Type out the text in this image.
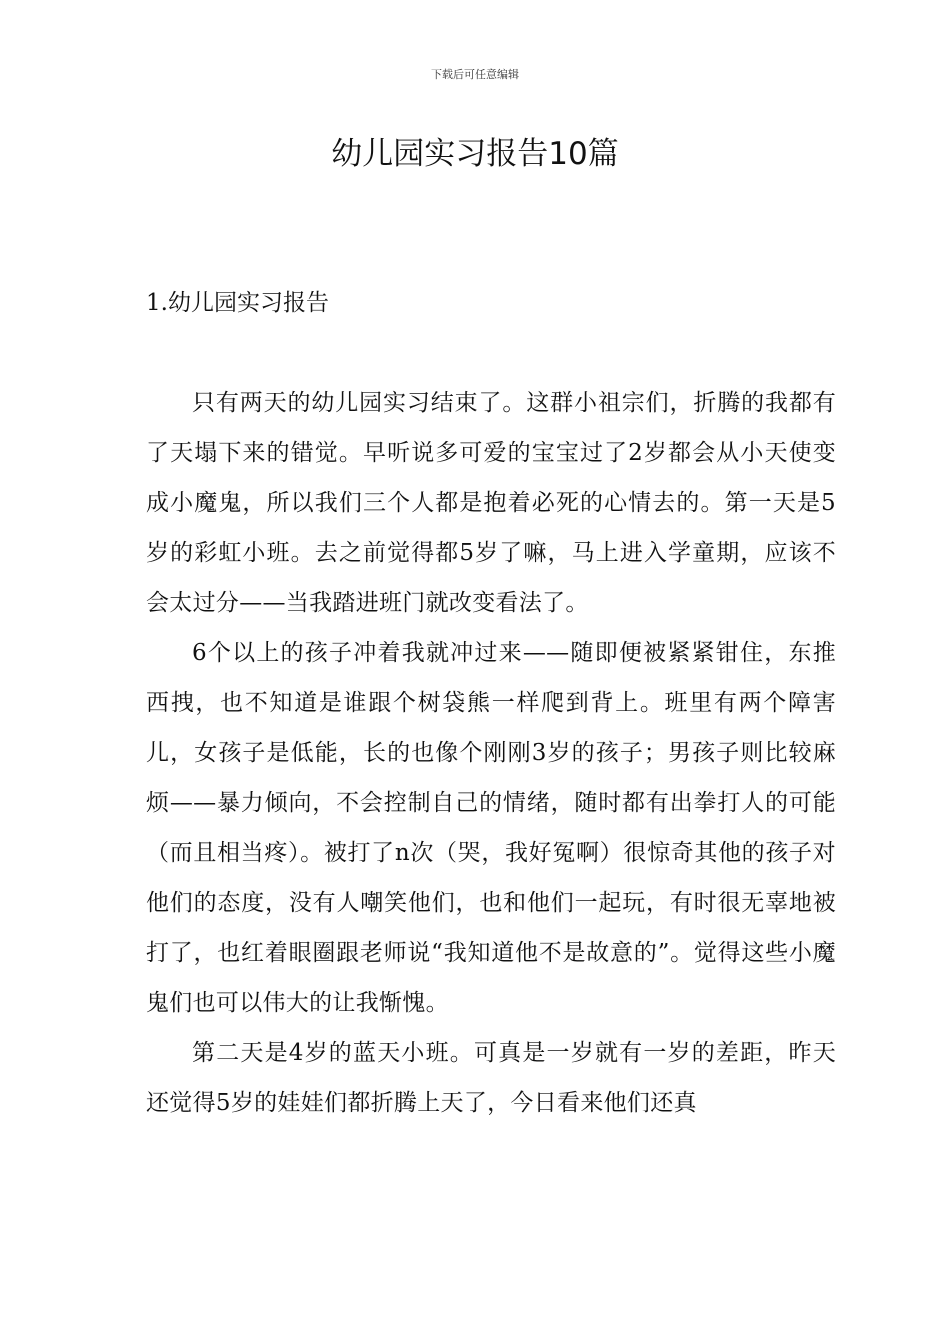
下载后可任意编辑
幼儿园实习报告10篇
1.幼儿园实习报告

只有两天的幼儿园实习结束了。这群小祖宗们，折腾的我都有了天塌下来的错觉。早听说多可爱的宝宝过了2岁都会从小天使变成小魔鬼，所以我们三个人都是抱着必死的心情去的。第一天是5岁的彩虹小班。去之前觉得都5岁了嘛，马上进入学童期，应该不会太过分——当我踏进班门就改变看法了。

6个以上的孩子冲着我就冲过来——随即便被紧紧钳住，东推西拽，也不知道是谁跟个树袋熊一样爬到背上。班里有两个障害儿，女孩子是低能，长的也像个刚刚3岁的孩子；男孩子则比较麻烦——暴力倾向，不会控制自己的情绪，随时都有出拳打人的可能（而且相当疼）。被打了n次（哭，我好冤啊）很惊奇其他的孩子对他们的态度，没有人嘲笑他们，也和他们一起玩，有时很无辜地被打了，也红着眼圈跟老师说“我知道他不是故意的”。觉得这些小魔鬼们也可以伟大的让我惭愧。

第二天是4岁的蓝天小班。可真是一岁就有一岁的差距，昨天还觉得5岁的娃娃们都折腾上天了，今日看来他们还真
